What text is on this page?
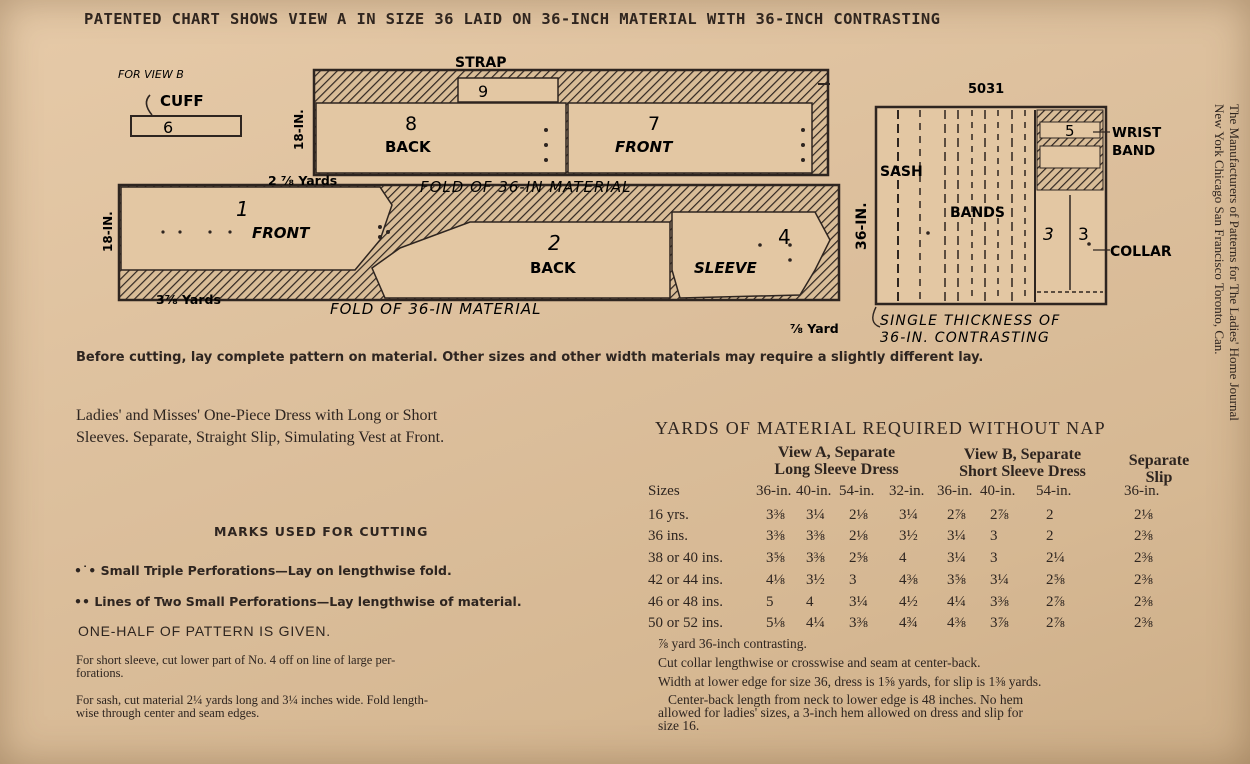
PATENTED CHART SHOWS VIEW A IN SIZE 36 LAID ON 36-INCH MATERIAL WITH 36-INCH CONTRASTING
FOR VIEW B
CUFF
6
STRAP
9
18-IN.
18-IN.	36-IN.
8
BACK
7
FRONT
1
FRONT	2
BACK
4
SLEEVE
2 ⅞ Yards	FOLD OF 36-IN MATERIAL
3⅞ Yards
FOLD OF 36-IN MATERIAL
5031
SASH
BANDS
WRIST
BAND
5
3 3
COLLAR
⅞ Yard	SINGLE THICKNESS OF
36-IN. CONTRASTING
Before cutting, lay complete pattern on material. Other sizes and other width materials may require a slightly different lay.
Ladies' and Misses' One-Piece Dress with Long or Short
Sleeves. Separate, Straight Slip, Simulating Vest at Front.
MARKS USED FOR CUTTING
•˙• Small Triple Perforations—Lay on lengthwise fold.
•• Lines of Two Small Perforations—Lay lengthwise of material.
ONE-HALF OF PATTERN IS GIVEN.
For short sleeve, cut lower part of No. 4 off on line of large per-
forations.
For sash, cut material 2¼ yards long and 3¼ inches wide. Fold length-
wise through center and seam edges.
YARDS OF MATERIAL REQUIRED WITHOUT NAP
View A, Separate
Long Sleeve Dress
View B, Separate
Short Sleeve Dress
Separate
Slip
Sizes	36-in. 40-in. 54-in. 32-in. 36-in. 40-in. 54-in.	36-in.
16 yrs.	3⅜ 3¼ 2⅛ 3¼ 2⅞ 2⅞ 2	2⅛
36 ins.	3⅜ 3⅜ 2⅛ 3½ 3¼ 3	2	2⅜
38 or 40 ins.	3⅝ 3⅜ 2⅝ 4	3¼ 3	2¼	2⅜
42 or 44 ins.	4⅛ 3½ 3	4⅜ 3⅝ 3¼ 2⅝	2⅜
46 or 48 ins.	5 4 3¼ 4½ 4¼ 3⅜ 2⅞	2⅜
50 or 52 ins.	5⅛ 4¼ 3⅜ 4¾ 4⅜ 3⅞ 2⅞	2⅜
⅞ yard 36-inch contrasting.
Cut collar lengthwise or crosswise and seam at center-back.
Width at lower edge for size 36, dress is 1⅝ yards, for slip is 1⅜ yards.
Center-back length from neck to lower edge is 48 inches. No hem
allowed for ladies' sizes, a 3-inch hem allowed on dress and slip for
size 16.
The Manufacturers of Patterns for The Ladies' Home Journal
New York Chicago San Francisco Toronto, Can.
